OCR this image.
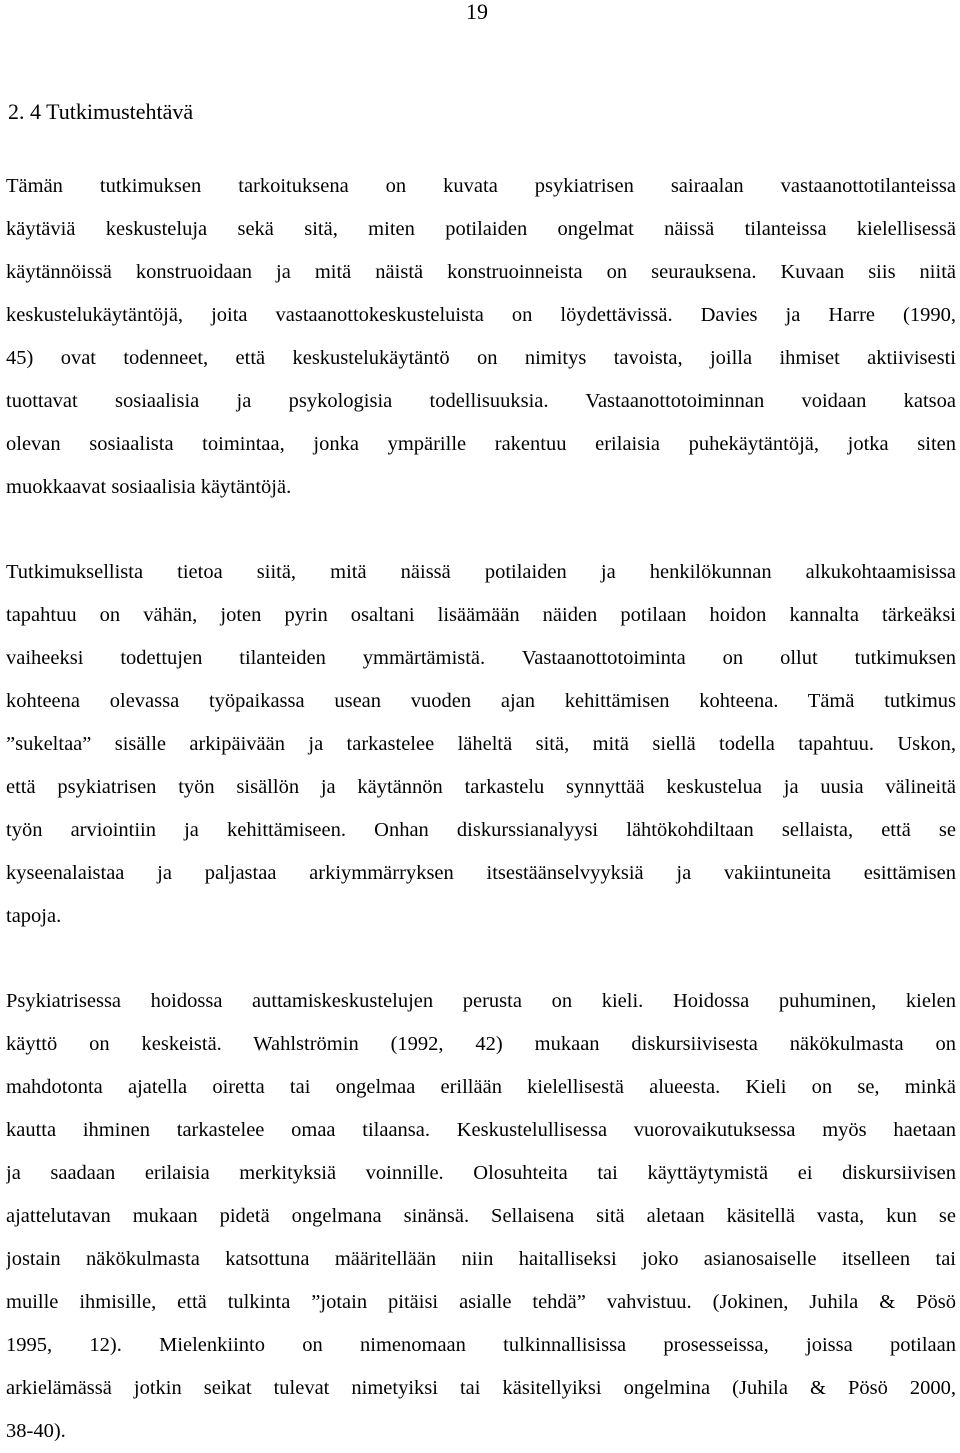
19
2. 4 Tutkimustehtävä
Tämän tutkimuksen tarkoituksena on kuvata psykiatrisen sairaalan vastaanottotilanteissa
käytäviä keskusteluja sekä sitä, miten potilaiden ongelmat näissä tilanteissa kielellisessä
käytännöissä konstruoidaan ja mitä näistä konstruoinneista on seurauksena. Kuvaan siis niitä
keskustelukäytäntöjä, joita vastaanottokeskusteluista on löydettävissä. Davies ja Harre (1990,
45) ovat todenneet, että keskustelukäytäntö on nimitys tavoista, joilla ihmiset aktiivisesti
tuottavat sosiaalisia ja psykologisia todellisuuksia. Vastaanottotoiminnan voidaan katsoa
olevan sosiaalista toimintaa, jonka ympärille rakentuu erilaisia puhekäytäntöjä, jotka siten
muokkaavat sosiaalisia käytäntöjä.
Tutkimuksellista tietoa siitä, mitä näissä potilaiden ja henkilökunnan alkukohtaamisissa
tapahtuu on vähän, joten pyrin osaltani lisäämään näiden potilaan hoidon kannalta tärkeäksi
vaiheeksi todettujen tilanteiden ymmärtämistä. Vastaanottotoiminta on ollut tutkimuksen
kohteena olevassa työpaikassa usean vuoden ajan kehittämisen kohteena. Tämä tutkimus
”sukeltaa” sisälle arkipäivään ja tarkastelee läheltä sitä, mitä siellä todella tapahtuu. Uskon,
että psykiatrisen työn sisällön ja käytännön tarkastelu synnyttää keskustelua ja uusia välineitä
työn arviointiin ja kehittämiseen. Onhan diskurssianalyysi lähtökohdiltaan sellaista, että se
kyseenalaistaa ja paljastaa arkiymmärryksen itsestäänselvyyksiä ja vakiintuneita esittämisen
tapoja.
Psykiatrisessa hoidossa auttamiskeskustelujen perusta on kieli. Hoidossa puhuminen, kielen
käyttö on keskeistä. Wahlströmin (1992, 42) mukaan diskursiivisesta näkökulmasta on
mahdotonta ajatella oiretta tai ongelmaa erillään kielellisestä alueesta. Kieli on se, minkä
kautta ihminen tarkastelee omaa tilaansa. Keskustelullisessa vuorovaikutuksessa myös haetaan
ja saadaan erilaisia merkityksiä voinnille. Olosuhteita tai käyttäytymistä ei diskursiivisen
ajattelutavan mukaan pidetä ongelmana sinänsä. Sellaisena sitä aletaan käsitellä vasta, kun se
jostain näkökulmasta katsottuna määritellään niin haitalliseksi joko asianosaiselle itselleen tai
muille ihmisille, että tulkinta ”jotain pitäisi asialle tehdä” vahvistuu. (Jokinen, Juhila & Pösö
1995, 12). Mielenkiinto on nimenomaan tulkinnallisissa prosesseissa, joissa potilaan
arkielämässä jotkin seikat tulevat nimetyiksi tai käsitellyiksi ongelmina (Juhila & Pösö 2000,
38-40).
